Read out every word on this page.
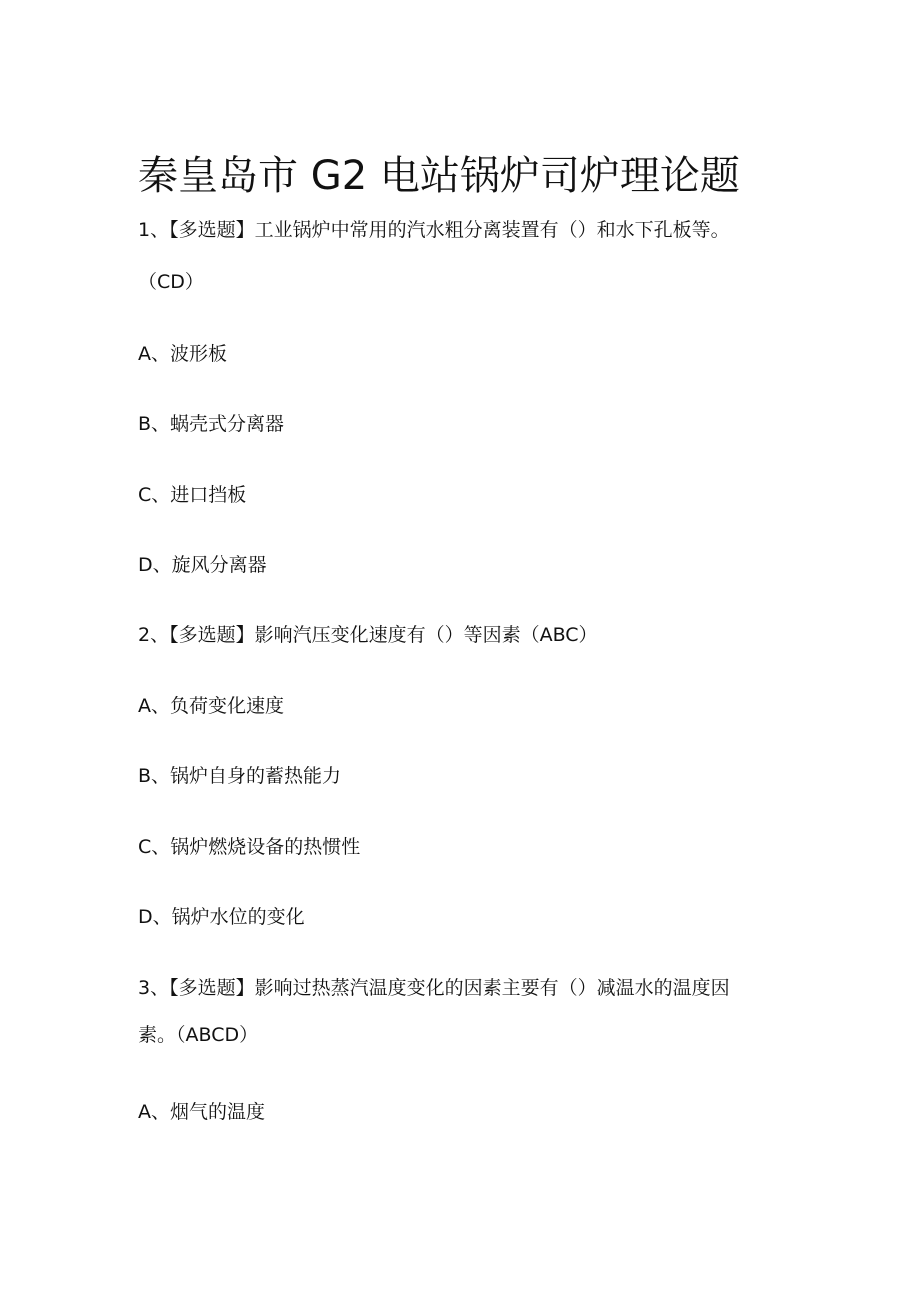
秦皇岛市 G2 电站锅炉司炉理论题
1、【多选题】工业锅炉中常用的汽水粗分离装置有（）和水下孔板等。
（CD）
A、波形板
B、蜗壳式分离器
C、进口挡板
D、旋风分离器
2、【多选题】影响汽压变化速度有（）等因素（ABC）
A、负荷变化速度
B、锅炉自身的蓄热能力
C、锅炉燃烧设备的热惯性
D、锅炉水位的变化
3、【多选题】影响过热蒸汽温度变化的因素主要有（）减温水的温度因
素。（ABCD）
A、烟气的温度
